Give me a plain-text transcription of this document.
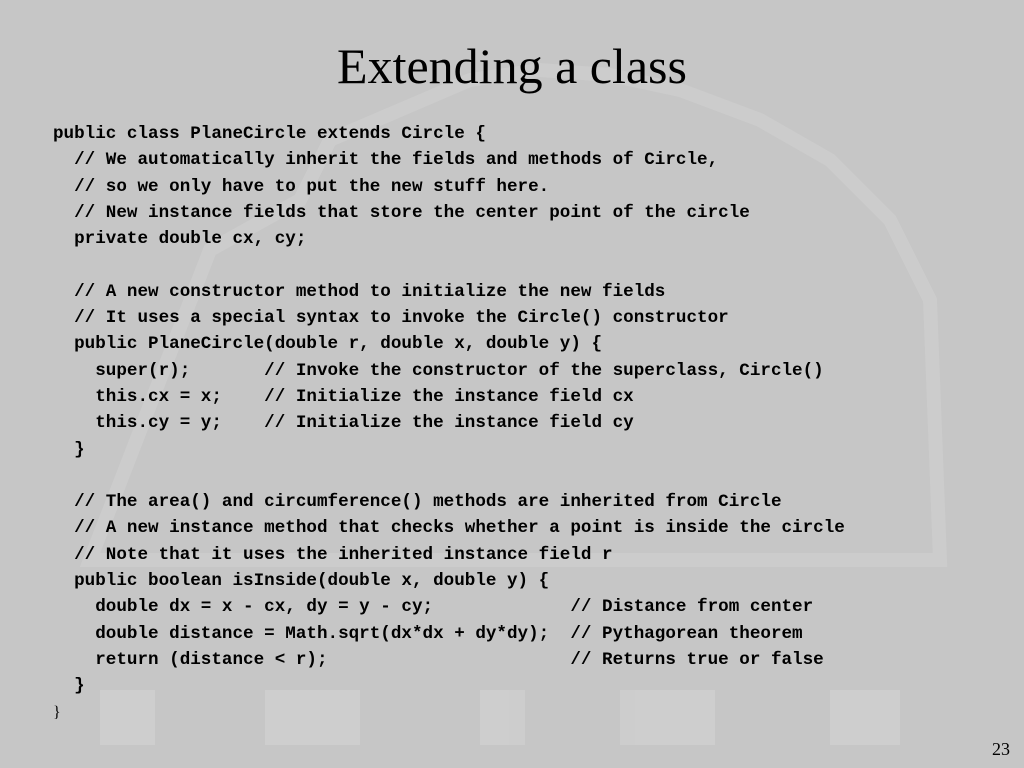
Extending a class
public class PlaneCircle extends Circle {
// We automatically inherit the fields and methods of Circle,
// so we only have to put the new stuff here.
// New instance fields that store the center point of the circle
private double cx, cy;

// A new constructor method to initialize the new fields
// It uses a special syntax to invoke the Circle() constructor
public PlaneCircle(double r, double x, double y) {
super(r);       // Invoke the constructor of the superclass, Circle()
this.cx = x;    // Initialize the instance field cx
this.cy = y;    // Initialize the instance field cy
}

// The area() and circumference() methods are inherited from Circle
// A new instance method that checks whether a point is inside the circle
// Note that it uses the inherited instance field r
public boolean isInside(double x, double y) {
double dx = x - cx, dy = y - cy;             // Distance from center
double distance = Math.sqrt(dx*dx + dy*dy);  // Pythagorean theorem
return (distance < r);                       // Returns true or false
}
}
23
